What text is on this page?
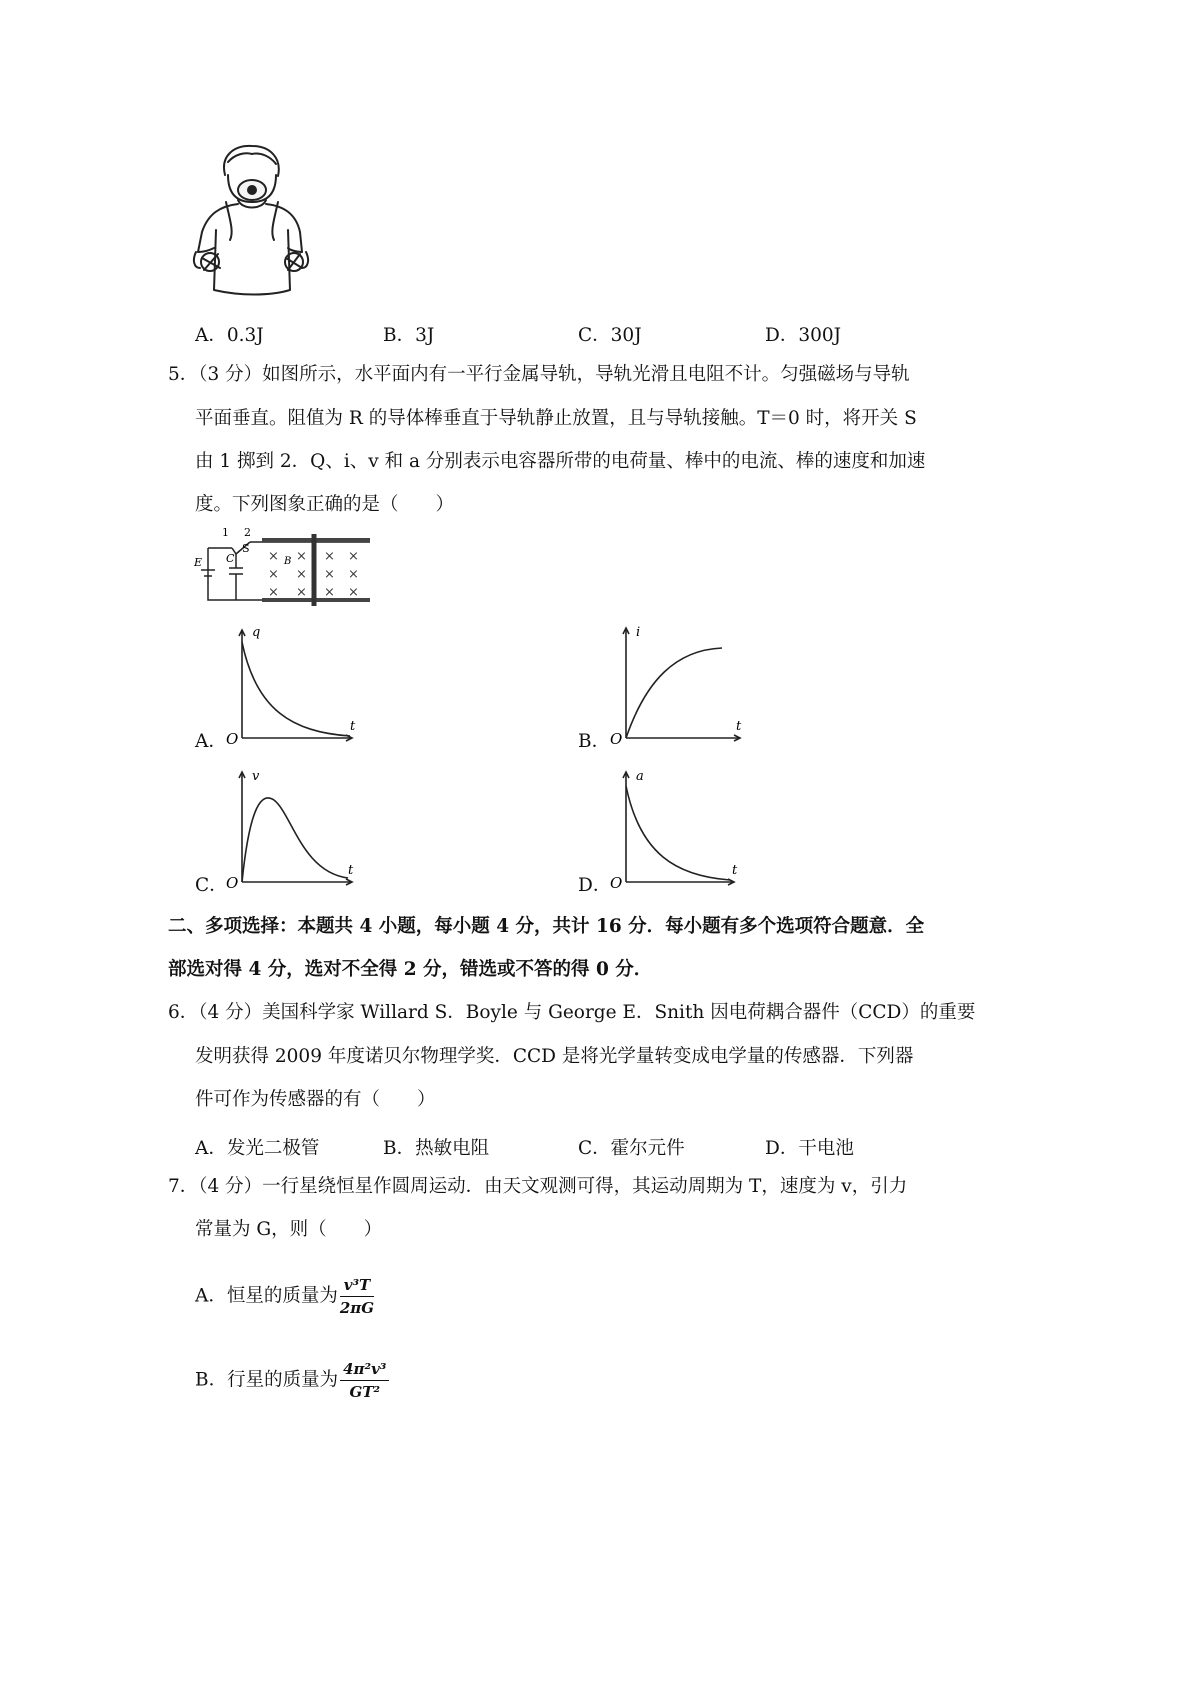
A．0.3J	B．3J	C．30J	D．300J
5．（3 分）如图所示，水平面内有一平行金属导轨，导轨光滑且电阻不计。匀强磁场与导轨
平面垂直。阻值为 R 的导体棒垂直于导轨静止放置，且与导轨接触。T＝0 时，将开关 S
由 1 掷到 2．Q、i、v 和 a 分别表示电容器所带的电荷量、棒中的电流、棒的速度和加速
度。下列图象正确的是（　　）
1 2
S
E C	B
× × × ×
× × × ×
× × × ×
A．
q
t
O	B．
i
t
O
C．
v
t
O	D．
a
t
O
二、多项选择：本题共 4 小题，每小题 4 分，共计 16 分．每小题有多个选项符合题意．全
部选对得 4 分，选对不全得 2 分，错选或不答的得 0 分．
6．（4 分）美国科学家 Willard S．Boyle 与 George E．Snith 因电荷耦合器件（CCD）的重要
发明获得 2009 年度诺贝尔物理学奖．CCD 是将光学量转变成电学量的传感器．下列器
件可作为传感器的有（　　）
A．发光二极管	B．热敏电阻	C．霍尔元件	D．干电池
7．（4 分）一行星绕恒星作圆周运动．由天文观测可得，其运动周期为 T，速度为 v，引力
常量为 G，则（　　）
A．恒星的质量为 $\frac{\text{v³T}}{2\pi G}$
B．行星的质量为 $\frac{\text{4π²v³}}{\text{GT²}}$
